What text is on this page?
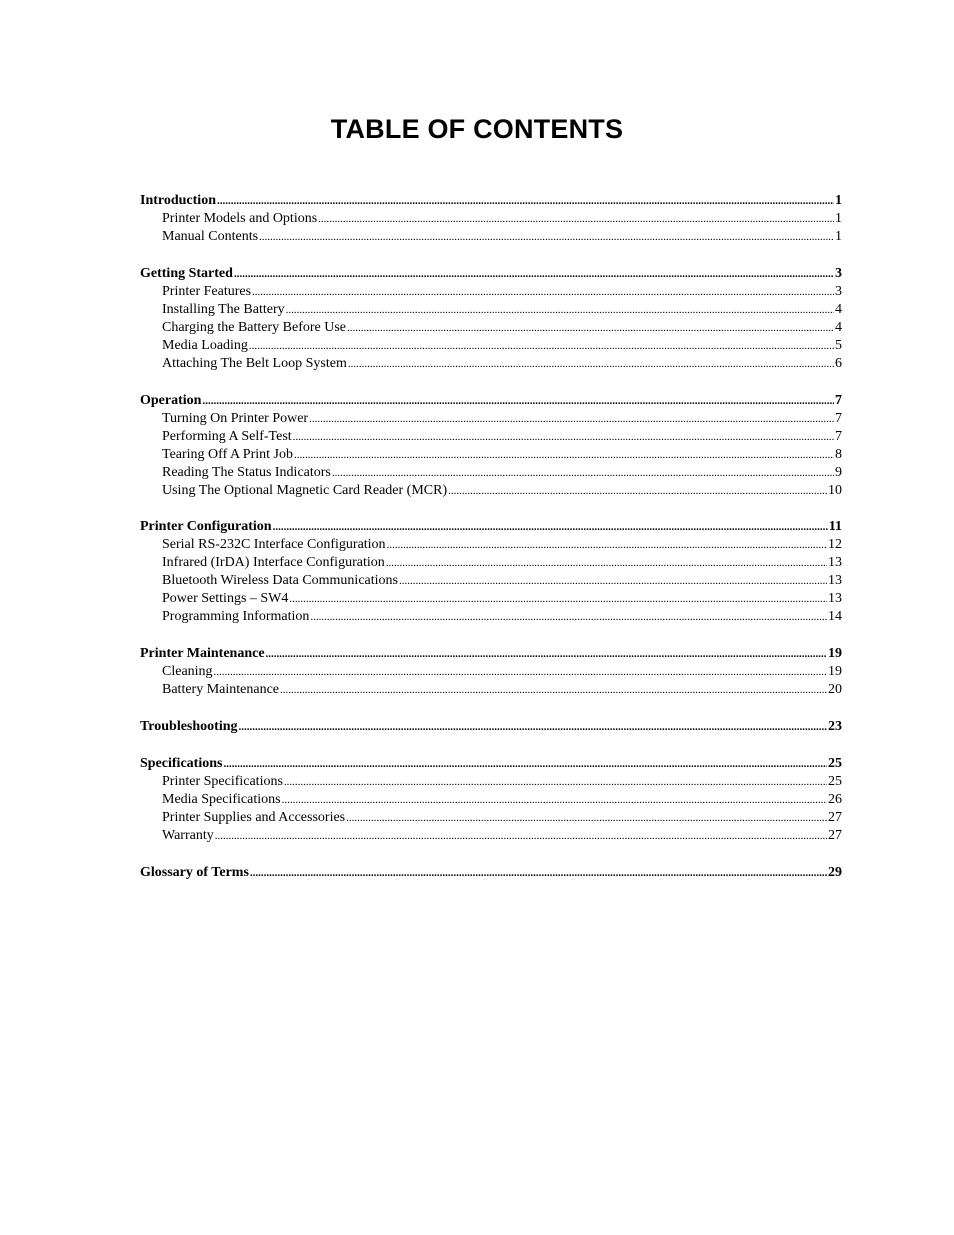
TABLE OF CONTENTS
Introduction .....	1
Printer Models and Options .....	1
Manual Contents .....	1
Getting Started .....	3
Printer Features .....	3
Installing The Battery .....	4
Charging the Battery Before Use .....	4
Media Loading .....	5
Attaching The Belt Loop System .....	6
Operation .....	7
Turning On Printer Power .....	7
Performing A Self-Test .....	7
Tearing Off A Print Job .....	8
Reading The Status Indicators .....	9
Using The Optional Magnetic Card Reader (MCR) .....	10
Printer Configuration .....	11
Serial RS-232C Interface Configuration .....	12
Infrared (IrDA) Interface Configuration .....	13
Bluetooth Wireless Data Communications .....	13
Power Settings – SW4 .....	13
Programming Information .....	14
Printer Maintenance .....	19
Cleaning .....	19
Battery Maintenance .....	20
Troubleshooting .....	23
Specifications .....	25
Printer Specifications .....	25
Media Specifications .....	26
Printer Supplies and Accessories .....	27
Warranty .....	27
Glossary of Terms .....	29
